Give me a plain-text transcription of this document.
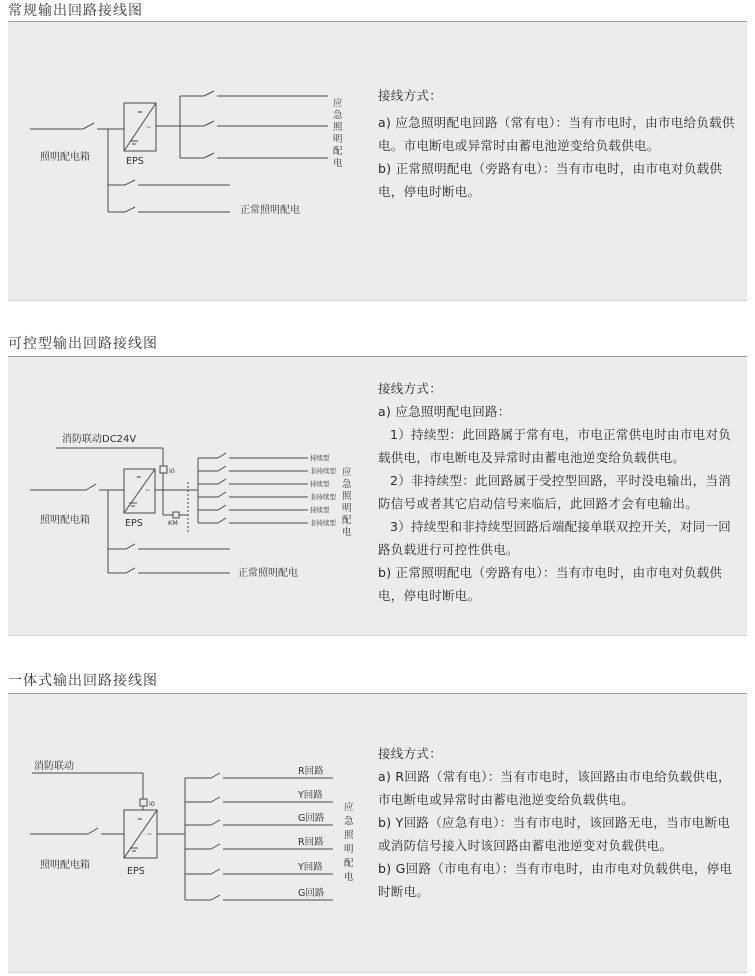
常规输出回路接线图
=
~
照明配电箱	EPS
正常照明配电
应
急
照
明
配
电

接线方式：

a) 应急照明配电回路（常有电）：当有市电时，由市电给负载供电。市电断电或异常时由蓄电池逆变给负载供电。

b) 正常照明配电（旁路有电）：当有市电时，由市电对负载供电，停电时断电。

可控型输出回路接线图
i0
=
~
KM
持续型
非持续型
持续型
非持续型
持续型
非持续型
消防联动DC24V
照明配电箱	EPS
正常照明配电
应
急
照
明
配
电

接线方式：

a) 应急照明配电回路：

1）持续型：此回路属于常有电，市电正常供电时由市电对负载供电，市电断电及异常时由蓄电池逆变给负载供电。

2）非持续型：此回路属于受控型回路，平时没电输出，当消防信号或者其它启动信号来临后，此回路才会有电输出。

3）持续型和非持续型回路后端配接单联双控开关，对同一回路负载进行可控性供电。

b) 正常照明配电（旁路有电）：当有市电时，由市电对负载供电，停电时断电。

一体式输出回路接线图
i0
=
~
R回路
Y回路
G回路
R回路
Y回路
G回路
消防联动
照明配电箱
EPS
应
急
照
明
配
电

接线方式：

a) R回路（常有电）：当有市电时，该回路由市电给负载供电，市电断电或异常时由蓄电池逆变给负载供电。

b) Y回路（应急有电）：当有市电时，该回路无电，当市电断电或消防信号接入时该回路由蓄电池逆变对负载供电。

b) G回路（市电有电）：当有市电时，由市电对负载供电，停电时断电。
